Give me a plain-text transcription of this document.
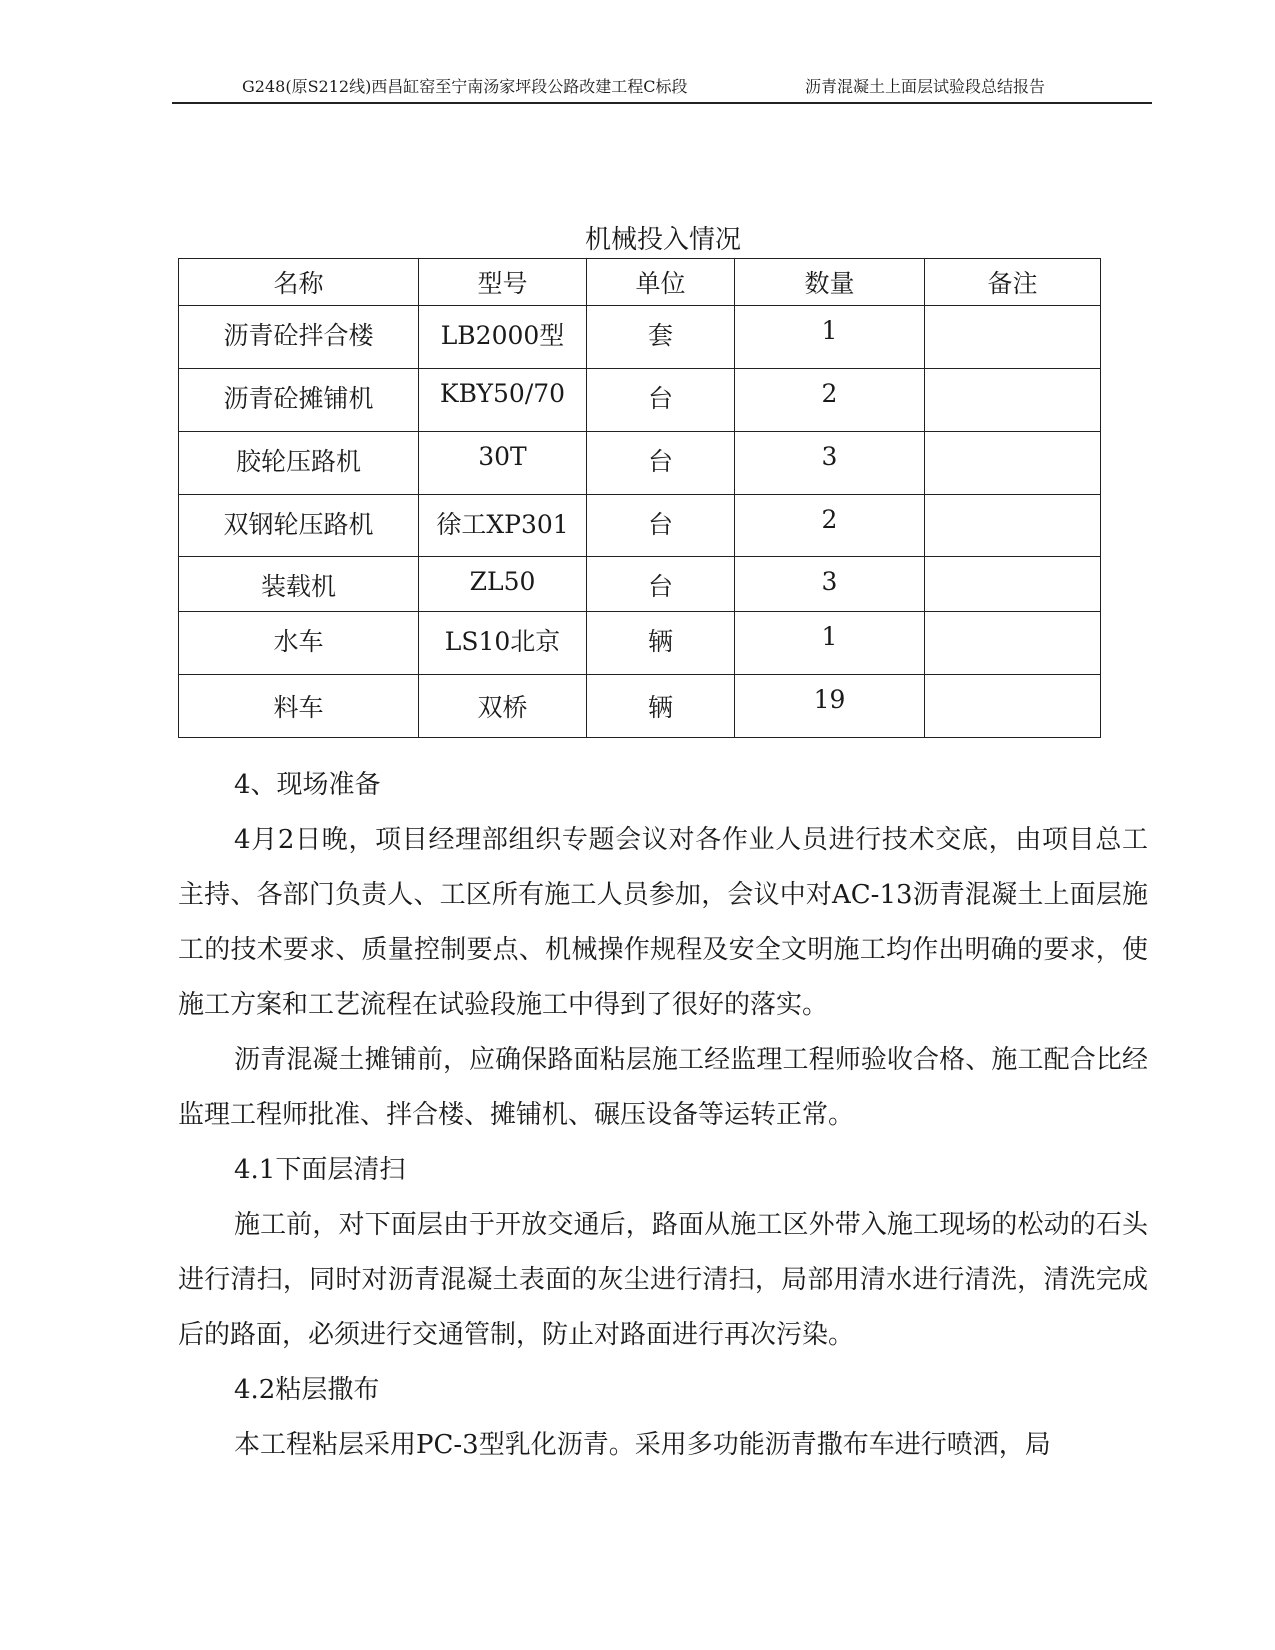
G248(原S212线)西昌缸窑至宁南汤家坪段公路改建工程C标段	沥青混凝土上面层试验段总结报告
机械投入情况
名称	型号	单位	数量	备注
沥青砼拌合楼	LB2000型	套	1	
沥青砼摊铺机	KBY50/70	台	2	
胶轮压路机	30T	台	3	
双钢轮压路机	徐工XP301	台	2	
装载机	ZL50	台	3	
水车	LS10北京	辆	1	
料车	双桥	辆	19	

4、现场准备

4月2日晚，项目经理部组织专题会议对各作业人员进行技术交底，由项目总工主持、各部门负责人、工区所有施工人员参加，会议中对AC-13沥青混凝土上面层施工的技术要求、质量控制要点、机械操作规程及安全文明施工均作出明确的要求，使施工方案和工艺流程在试验段施工中得到了很好的落实。

沥青混凝土摊铺前，应确保路面粘层施工经监理工程师验收合格、施工配合比经监理工程师批准、拌合楼、摊铺机、碾压设备等运转正常。

4.1下面层清扫

施工前，对下面层由于开放交通后，路面从施工区外带入施工现场的松动的石头进行清扫，同时对沥青混凝土表面的灰尘进行清扫，局部用清水进行清洗，清洗完成后的路面，必须进行交通管制，防止对路面进行再次污染。

4.2粘层撒布

本工程粘层采用PC-3型乳化沥青。采用多功能沥青撒布车进行喷洒，局
